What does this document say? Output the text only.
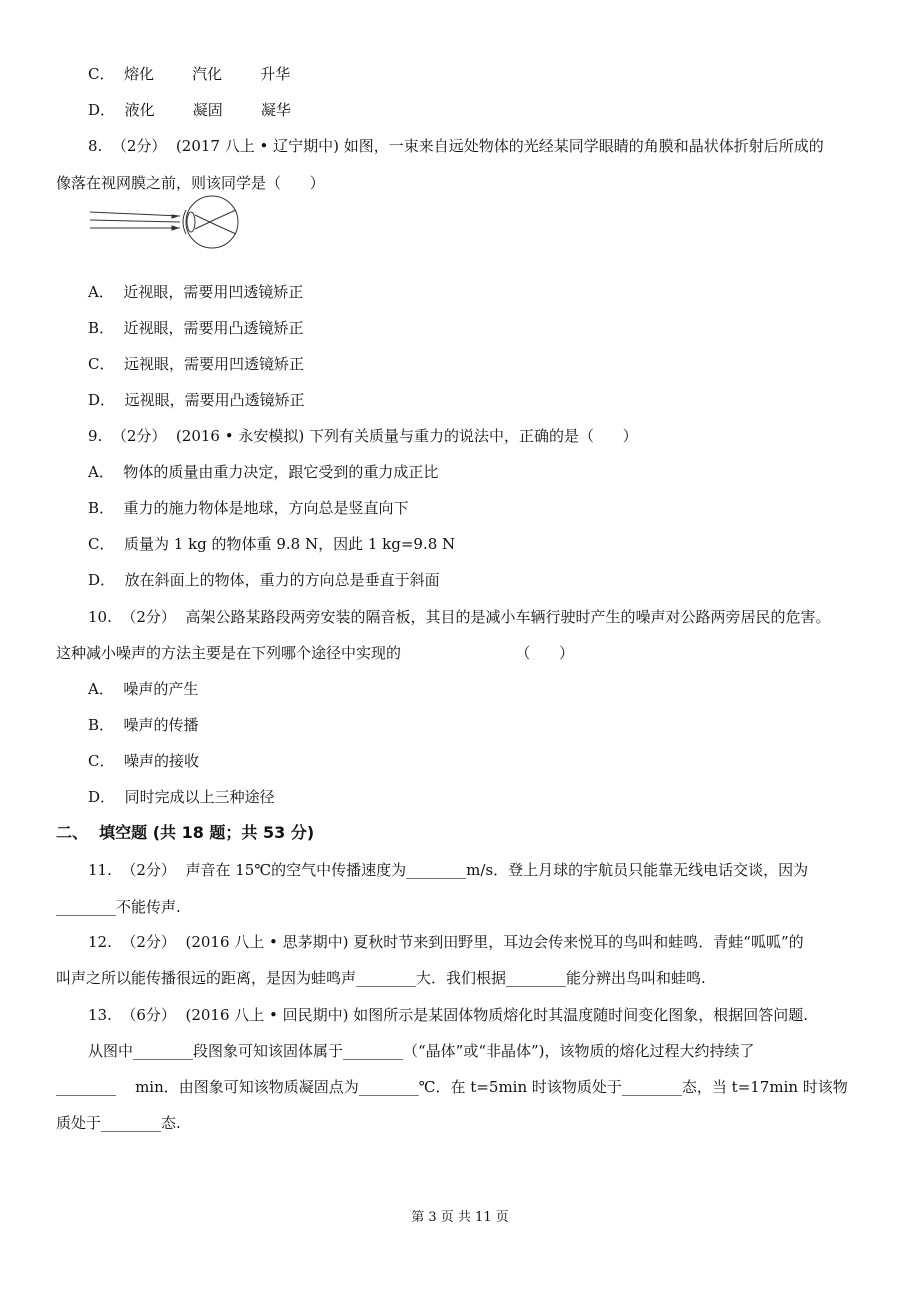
C．  熔化        汽化        升华
D．  液化        凝固        凝华
8.  （2分）  (2017 八上 • 辽宁期中) 如图，一束来自远处物体的光经某同学眼睛的角膜和晶状体折射后所成的
像落在视网膜之前，则该同学是（      ）
A．  近视眼，需要用凹透镜矫正
B．  近视眼，需要用凸透镜矫正
C．  远视眼，需要用凹透镜矫正
D．  远视眼，需要用凸透镜矫正
9.  （2分）  (2016 • 永安模拟) 下列有关质量与重力的说法中，正确的是（      ）
A．  物体的质量由重力决定，跟它受到的重力成正比
B．  重力的施力物体是地球，方向总是竖直向下
C．  质量为 1 kg 的物体重 9.8 N，因此 1 kg=9.8 N
D．  放在斜面上的物体，重力的方向总是垂直于斜面
10.  （2分）  高架公路某路段两旁安装的隔音板，其目的是减小车辆行驶时产生的噪声对公路两旁居民的危害。
这种减小噪声的方法主要是在下列哪个途径中实现的                        （      ）
A．  噪声的产生
B．  噪声的传播
C．  噪声的接收
D．  同时完成以上三种途径
二、  填空题 (共 18 题；共 53 分)
11.  （2分）  声音在 15℃的空气中传播速度为________m/s．登上月球的宇航员只能靠无线电话交谈，因为
________不能传声.
12.  （2分）  (2016 八上 • 思茅期中) 夏秋时节来到田野里，耳边会传来悦耳的鸟叫和蛙鸣．青蛙“呱呱”的
叫声之所以能传播很远的距离，是因为蛙鸣声________大．我们根据________能分辨出鸟叫和蛙鸣.
13.  （6分）  (2016 八上 • 回民期中) 如图所示是某固体物质熔化时其温度随时间变化图象，根据回答问题.
从图中________段图象可知该固体属于________（“晶体”或“非晶体”)，该物质的熔化过程大约持续了
________    min．由图象可知该物质凝固点为________℃．在 t=5min 时该物质处于________态，当 t=17min 时该物
质处于________态.
第 3 页 共 11 页
